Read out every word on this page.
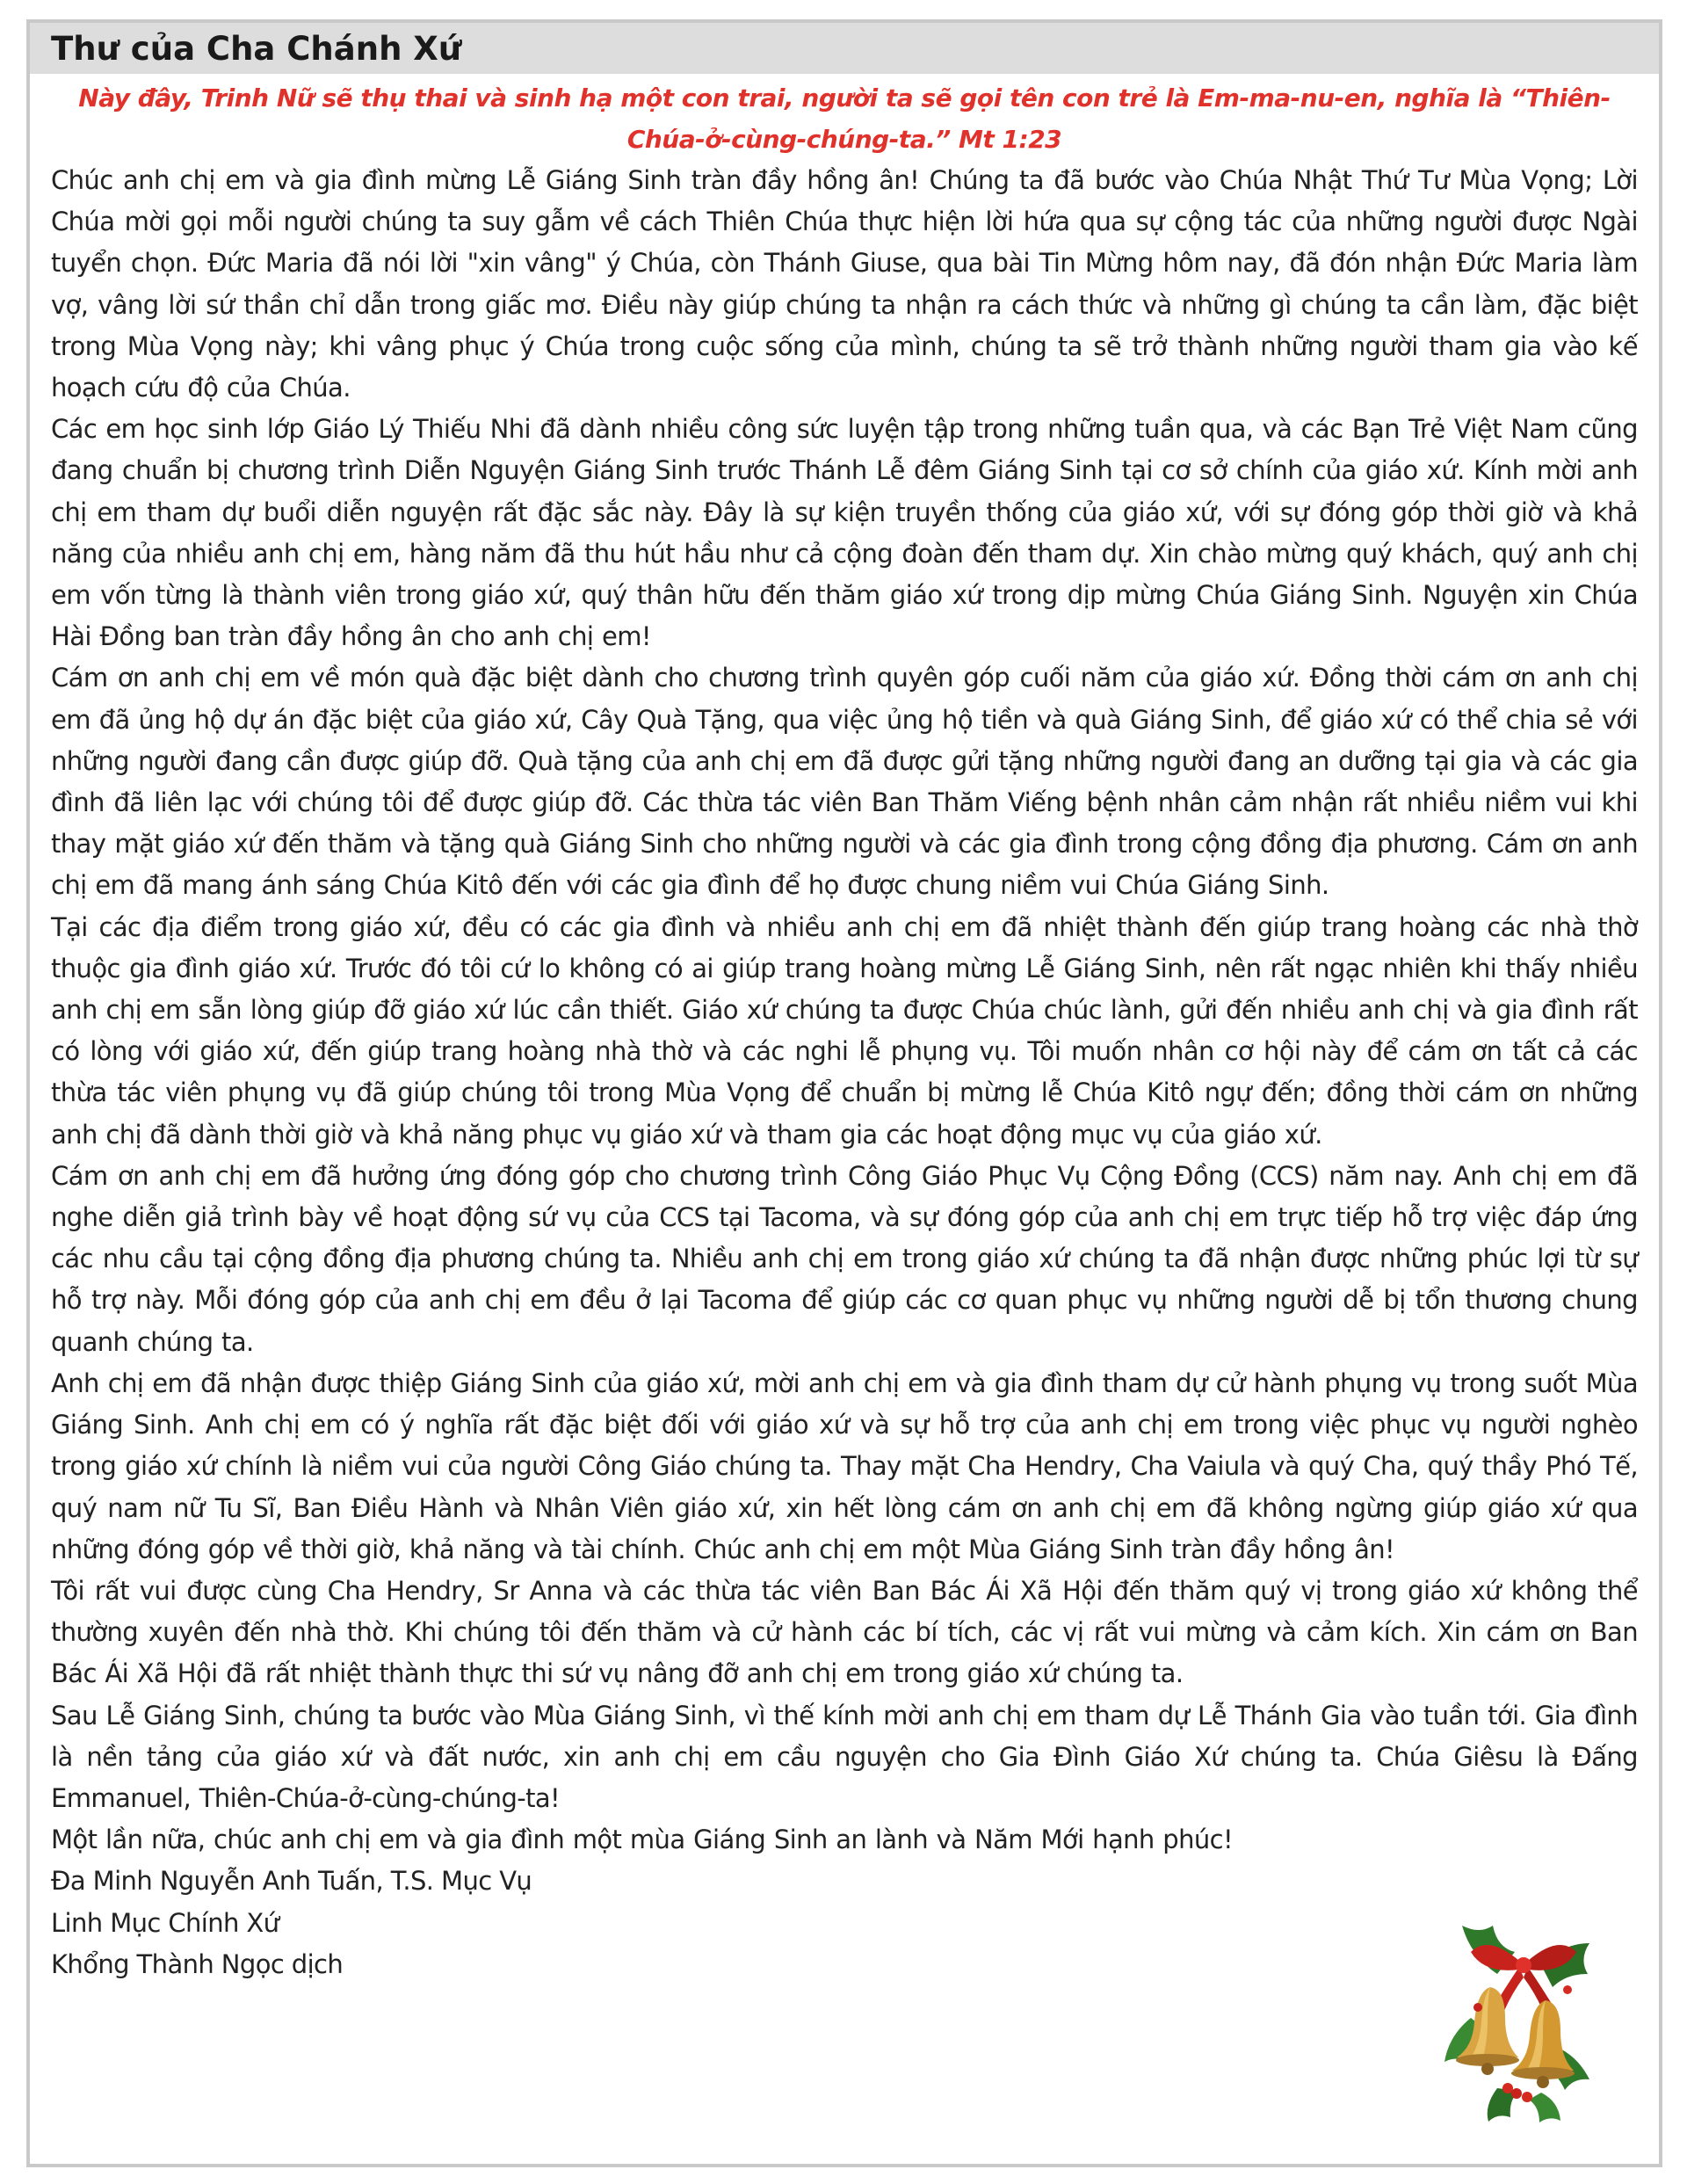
Thư của Cha Chánh Xứ

Này đây, Trinh Nữ sẽ thụ thai và sinh hạ một con trai, người ta sẽ gọi tên con trẻ là Em-ma-nu-en, nghĩa là “Thiên-Chúa-ở-cùng-chúng-ta.” Mt 1:23

Chúc anh chị em và gia đình mừng Lễ Giáng Sinh tràn đầy hồng ân! Chúng ta đã bước vào Chúa Nhật Thứ Tư Mùa Vọng; Lời Chúa mời gọi mỗi người chúng ta suy gẫm về cách Thiên Chúa thực hiện lời hứa qua sự cộng tác của những người được Ngài tuyển chọn. Đức Maria đã nói lời "xin vâng" ý Chúa, còn Thánh Giuse, qua bài Tin Mừng hôm nay, đã đón nhận Đức Maria làm vợ, vâng lời sứ thần chỉ dẫn trong giấc mơ. Điều này giúp chúng ta nhận ra cách thức và những gì chúng ta cần làm, đặc biệt trong Mùa Vọng này; khi vâng phục ý Chúa trong cuộc sống của mình, chúng ta sẽ trở thành những người tham gia vào kế hoạch cứu độ của Chúa.

Các em học sinh lớp Giáo Lý Thiếu Nhi đã dành nhiều công sức luyện tập trong những tuần qua, và các Bạn Trẻ Việt Nam cũng đang chuẩn bị chương trình Diễn Nguyện Giáng Sinh trước Thánh Lễ đêm Giáng Sinh tại cơ sở chính của giáo xứ. Kính mời anh chị em tham dự buổi diễn nguyện rất đặc sắc này. Đây là sự kiện truyền thống của giáo xứ, với sự đóng góp thời giờ và khả năng của nhiều anh chị em, hàng năm đã thu hút hầu như cả cộng đoàn đến tham dự. Xin chào mừng quý khách, quý anh chị em vốn từng là thành viên trong giáo xứ, quý thân hữu đến thăm giáo xứ trong dịp mừng Chúa Giáng Sinh. Nguyện xin Chúa Hài Đồng ban tràn đầy hồng ân cho anh chị em!

Cám ơn anh chị em về món quà đặc biệt dành cho chương trình quyên góp cuối năm của giáo xứ. Đồng thời cám ơn anh chị em đã ủng hộ dự án đặc biệt của giáo xứ, Cây Quà Tặng, qua việc ủng hộ tiền và quà Giáng Sinh, để giáo xứ có thể chia sẻ với những người đang cần được giúp đỡ. Quà tặng của anh chị em đã được gửi tặng những người đang an dưỡng tại gia và các gia đình đã liên lạc với chúng tôi để được giúp đỡ. Các thừa tác viên Ban Thăm Viếng bệnh nhân cảm nhận rất nhiều niềm vui khi thay mặt giáo xứ đến thăm và tặng quà Giáng Sinh cho những người và các gia đình trong cộng đồng địa phương. Cám ơn anh chị em đã mang ánh sáng Chúa Kitô đến với các gia đình để họ được chung niềm vui Chúa Giáng Sinh.

Tại các địa điểm trong giáo xứ, đều có các gia đình và nhiều anh chị em đã nhiệt thành đến giúp trang hoàng các nhà thờ thuộc gia đình giáo xứ. Trước đó tôi cứ lo không có ai giúp trang hoàng mừng Lễ Giáng Sinh, nên rất ngạc nhiên khi thấy nhiều anh chị em sẵn lòng giúp đỡ giáo xứ lúc cần thiết. Giáo xứ chúng ta được Chúa chúc lành, gửi đến nhiều anh chị và gia đình rất có lòng với giáo xứ, đến giúp trang hoàng nhà thờ và các nghi lễ phụng vụ. Tôi muốn nhân cơ hội này để cám ơn tất cả các thừa tác viên phụng vụ đã giúp chúng tôi trong Mùa Vọng để chuẩn bị mừng lễ Chúa Kitô ngự đến; đồng thời cám ơn những anh chị đã dành thời giờ và khả năng phục vụ giáo xứ và tham gia các hoạt động mục vụ của giáo xứ.

Cám ơn anh chị em đã hưởng ứng đóng góp cho chương trình Công Giáo Phục Vụ Cộng Đồng (CCS) năm nay. Anh chị em đã nghe diễn giả trình bày về hoạt động sứ vụ của CCS tại Tacoma, và sự đóng góp của anh chị em trực tiếp hỗ trợ việc đáp ứng các nhu cầu tại cộng đồng địa phương chúng ta. Nhiều anh chị em trong giáo xứ chúng ta đã nhận được những phúc lợi từ sự hỗ trợ này. Mỗi đóng góp của anh chị em đều ở lại Tacoma để giúp các cơ quan phục vụ những người dễ bị tổn thương chung quanh chúng ta.

Anh chị em đã nhận được thiệp Giáng Sinh của giáo xứ, mời anh chị em và gia đình tham dự cử hành phụng vụ trong suốt Mùa Giáng Sinh. Anh chị em có ý nghĩa rất đặc biệt đối với giáo xứ và sự hỗ trợ của anh chị em trong việc phục vụ người nghèo trong giáo xứ chính là niềm vui của người Công Giáo chúng ta. Thay mặt Cha Hendry, Cha Vaiula và quý Cha, quý thầy Phó Tế, quý nam nữ Tu Sĩ, Ban Điều Hành và Nhân Viên giáo xứ, xin hết lòng cám ơn anh chị em đã không ngừng giúp giáo xứ qua những đóng góp về thời giờ, khả năng và tài chính. Chúc anh chị em một Mùa Giáng Sinh tràn đầy hồng ân!

Tôi rất vui được cùng Cha Hendry, Sr Anna và các thừa tác viên Ban Bác Ái Xã Hội đến thăm quý vị trong giáo xứ không thể thường xuyên đến nhà thờ. Khi chúng tôi đến thăm và cử hành các bí tích, các vị rất vui mừng và cảm kích. Xin cám ơn Ban Bác Ái Xã Hội đã rất nhiệt thành thực thi sứ vụ nâng đỡ anh chị em trong giáo xứ chúng ta.

Sau Lễ Giáng Sinh, chúng ta bước vào Mùa Giáng Sinh, vì thế kính mời anh chị em tham dự Lễ Thánh Gia vào tuần tới. Gia đình là nền tảng của giáo xứ và đất nước, xin anh chị em cầu nguyện cho Gia Đình Giáo Xứ chúng ta. Chúa Giêsu là Đấng Emmanuel, Thiên-Chúa-ở-cùng-chúng-ta!

Một lần nữa, chúc anh chị em và gia đình một mùa Giáng Sinh an lành và Năm Mới hạnh phúc!

Đa Minh Nguyễn Anh Tuấn, T.S. Mục Vụ

Linh Mục Chính Xứ

Khổng Thành Ngọc dịch
